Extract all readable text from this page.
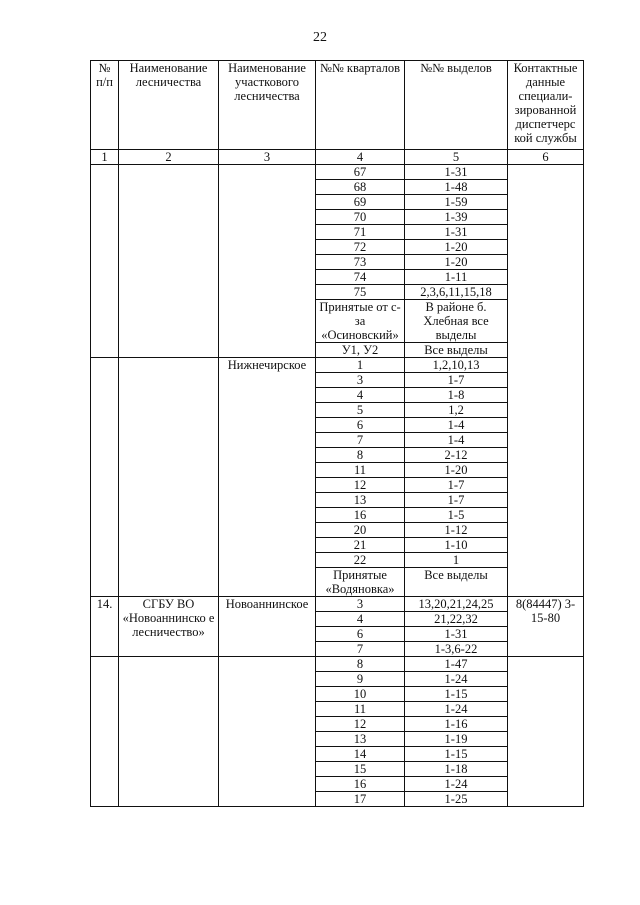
22
№ п/п	Наименование лесничества	Наименование участкового лесничества	№№ кварталов	№№ выделов	Контактные данные специали-зированной диспетчерс кой службы
1	2	3	4	5	6
			67	1-31	
			68	1-48	
			69	1-59	
			70	1-39	
			71	1-31	
			72	1-20	
			73	1-20	
			74	1-11	
			75	2,3,6,11,15,18	
			Принятые от с-за «Осиновский»	В районе б. Хлебная все выделы	
			У1, У2	Все выделы	
		Нижнечирское	1	1,2,10,13	
			3	1-7	
			4	1-8	
			5	1,2	
			6	1-4	
			7	1-4	
			8	2-12	
			11	1-20	
			12	1-7	
			13	1-7	
			16	1-5	
			20	1-12	
			21	1-10	
			22	1	
			Принятые «Водяновка»	Все выделы	
14.	СГБУ ВО «Новоаннинско е лесничество»	Новоаннинское	3	13,20,21,24,25	8(84447) 3-15-80
			4	21,22,32	
			6	1-31	
			7	1-3,6-22	
			8	1-47	
			9	1-24	
			10	1-15	
			11	1-24	
			12	1-16	
			13	1-19	
			14	1-15	
			15	1-18	
			16	1-24	
			17	1-25	
